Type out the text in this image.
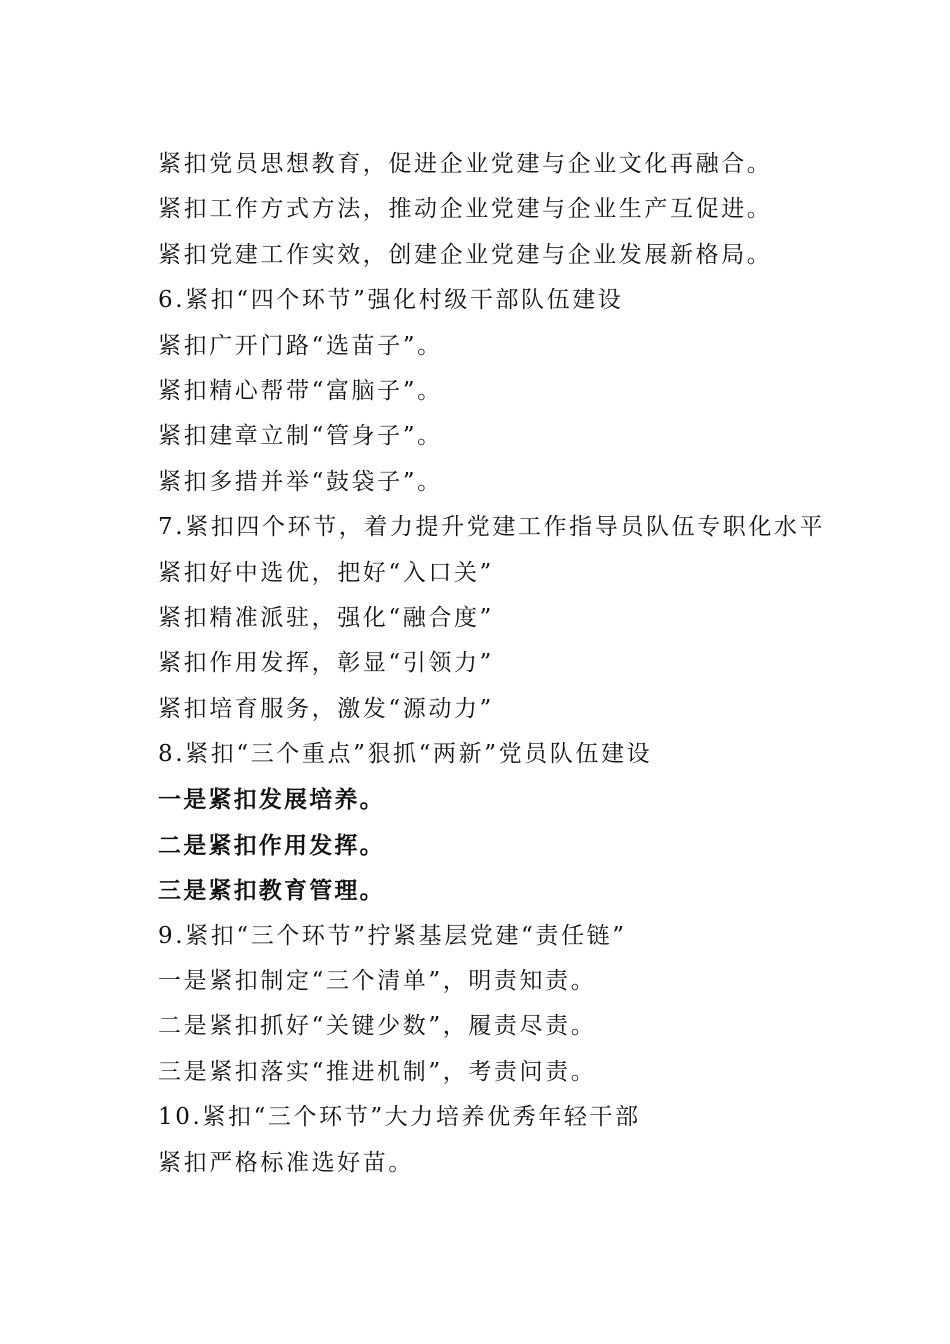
紧扣党员思想教育，促进企业党建与企业文化再融合。
紧扣工作方式方法，推动企业党建与企业生产互促进。
紧扣党建工作实效，创建企业党建与企业发展新格局。
6.紧扣“四个环节”强化村级干部队伍建设
紧扣广开门路“选苗子”。
紧扣精心帮带“富脑子”。
紧扣建章立制“管身子”。
紧扣多措并举“鼓袋子”。
7.紧扣四个环节，着力提升党建工作指导员队伍专职化水平
紧扣好中选优，把好“入口关”
紧扣精准派驻，强化“融合度”
紧扣作用发挥，彰显“引领力”
紧扣培育服务，激发“源动力”
8.紧扣“三个重点”狠抓“两新”党员队伍建设
一是紧扣发展培养。
二是紧扣作用发挥。
三是紧扣教育管理。
9.紧扣“三个环节”拧紧基层党建“责任链”
一是紧扣制定“三个清单”，明责知责。
二是紧扣抓好“关键少数”，履责尽责。
三是紧扣落实“推进机制”，考责问责。
10.紧扣“三个环节”大力培养优秀年轻干部
紧扣严格标准选好苗。
